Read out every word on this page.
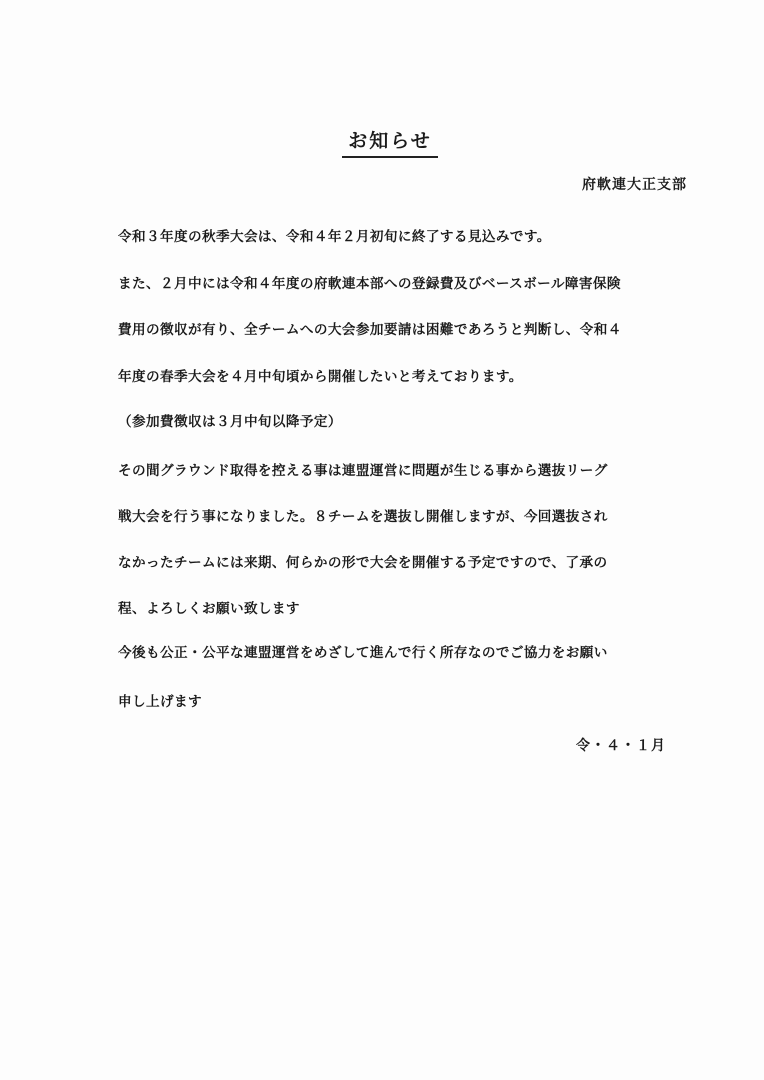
お知らせ
府軟連大正支部
令和３年度の秋季大会は、令和４年２月初旬に終了する見込みです。
また、２月中には令和４年度の府軟連本部への登録費及びベースボール障害保険
費用の徴収が有り、全チームへの大会参加要請は困難であろうと判断し、令和４
年度の春季大会を４月中旬頃から開催したいと考えております。
（参加費徴収は３月中旬以降予定）
その間グラウンド取得を控える事は連盟運営に問題が生じる事から選抜リーグ
戦大会を行う事になりました。８チームを選抜し開催しますが、今回選抜され
なかったチームには来期、何らかの形で大会を開催する予定ですので、了承の
程、よろしくお願い致します
今後も公正・公平な連盟運営をめざして進んで行く所存なのでご協力をお願い
申し上げます
令・４・１月
